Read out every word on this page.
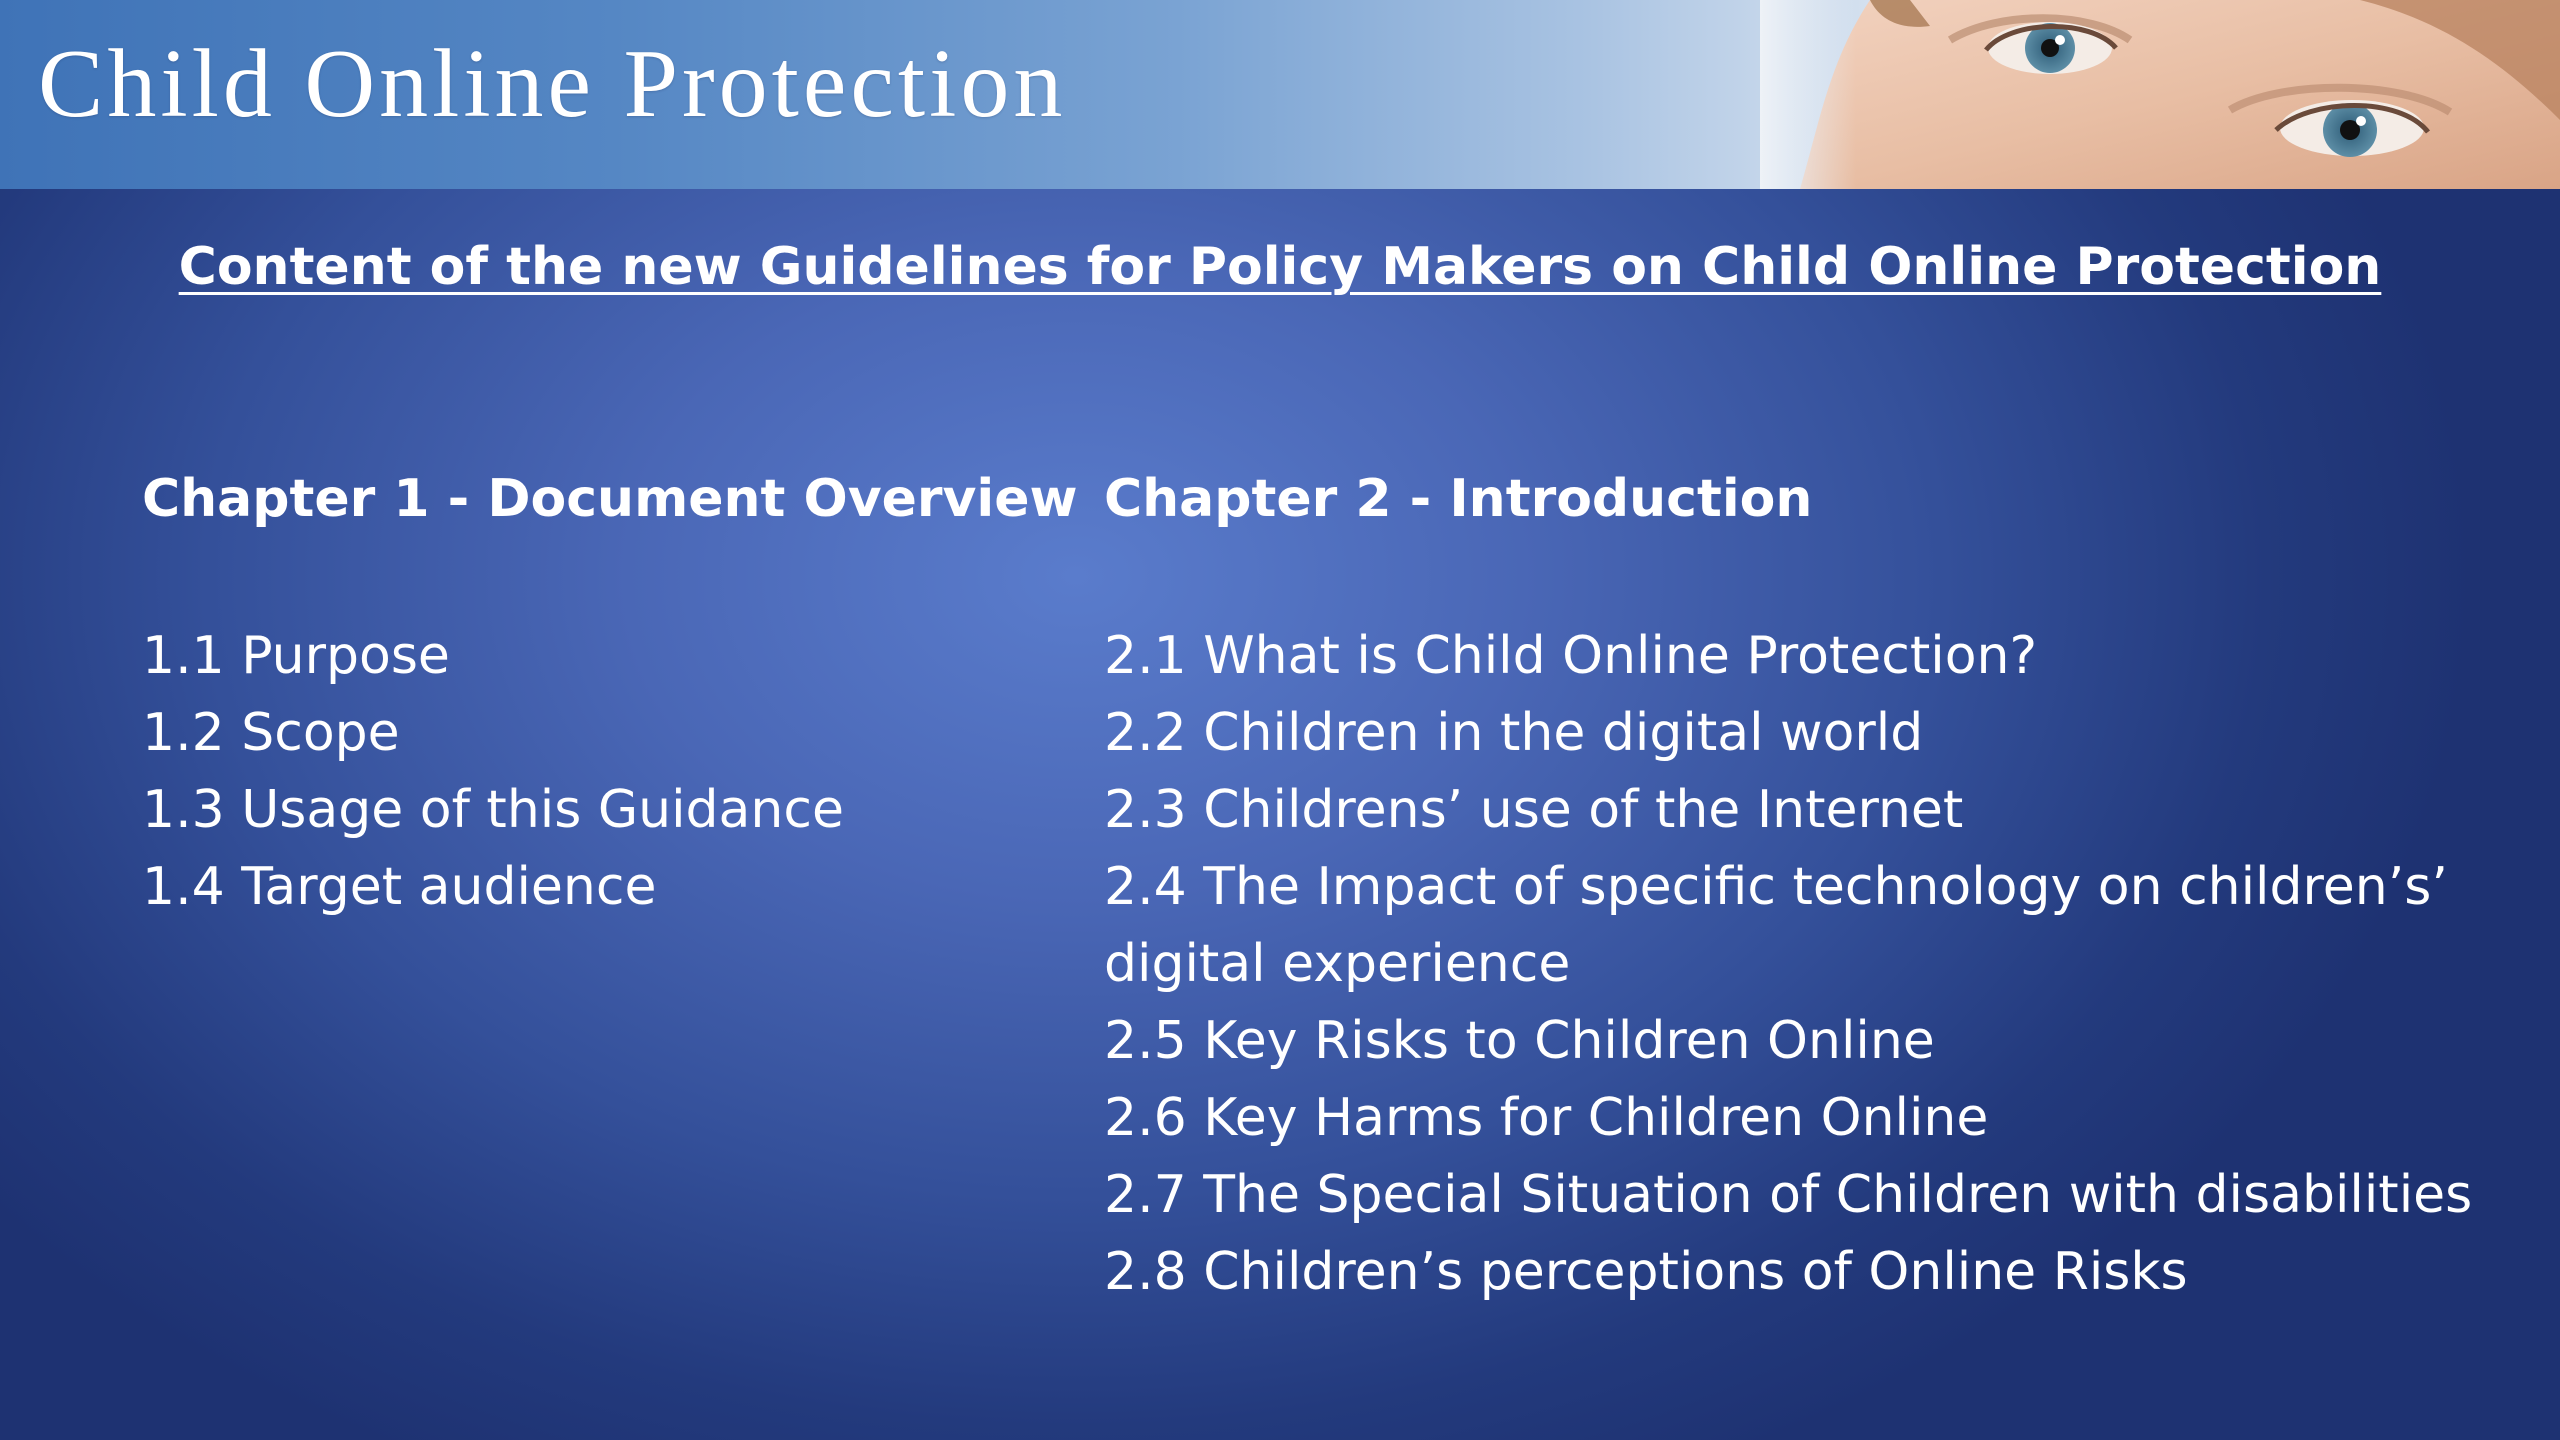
Child Online Protection
Content of the new Guidelines for Policy Makers on Child Online Protection
Chapter 1 - Document Overview
1.1 Purpose
1.2 Scope
1.3 Usage of this Guidance
1.4 Target audience
Chapter 2 - Introduction
2.1 What is Child Online Protection?
2.2 Children in the digital world
2.3 Childrens’ use of the Internet
2.4 The Impact of specific technology on children’s’ digital experience
2.5 Key Risks to Children Online
2.6 Key Harms for Children Online
2.7 The Special Situation of Children with disabilities
2.8 Children’s perceptions of Online Risks
